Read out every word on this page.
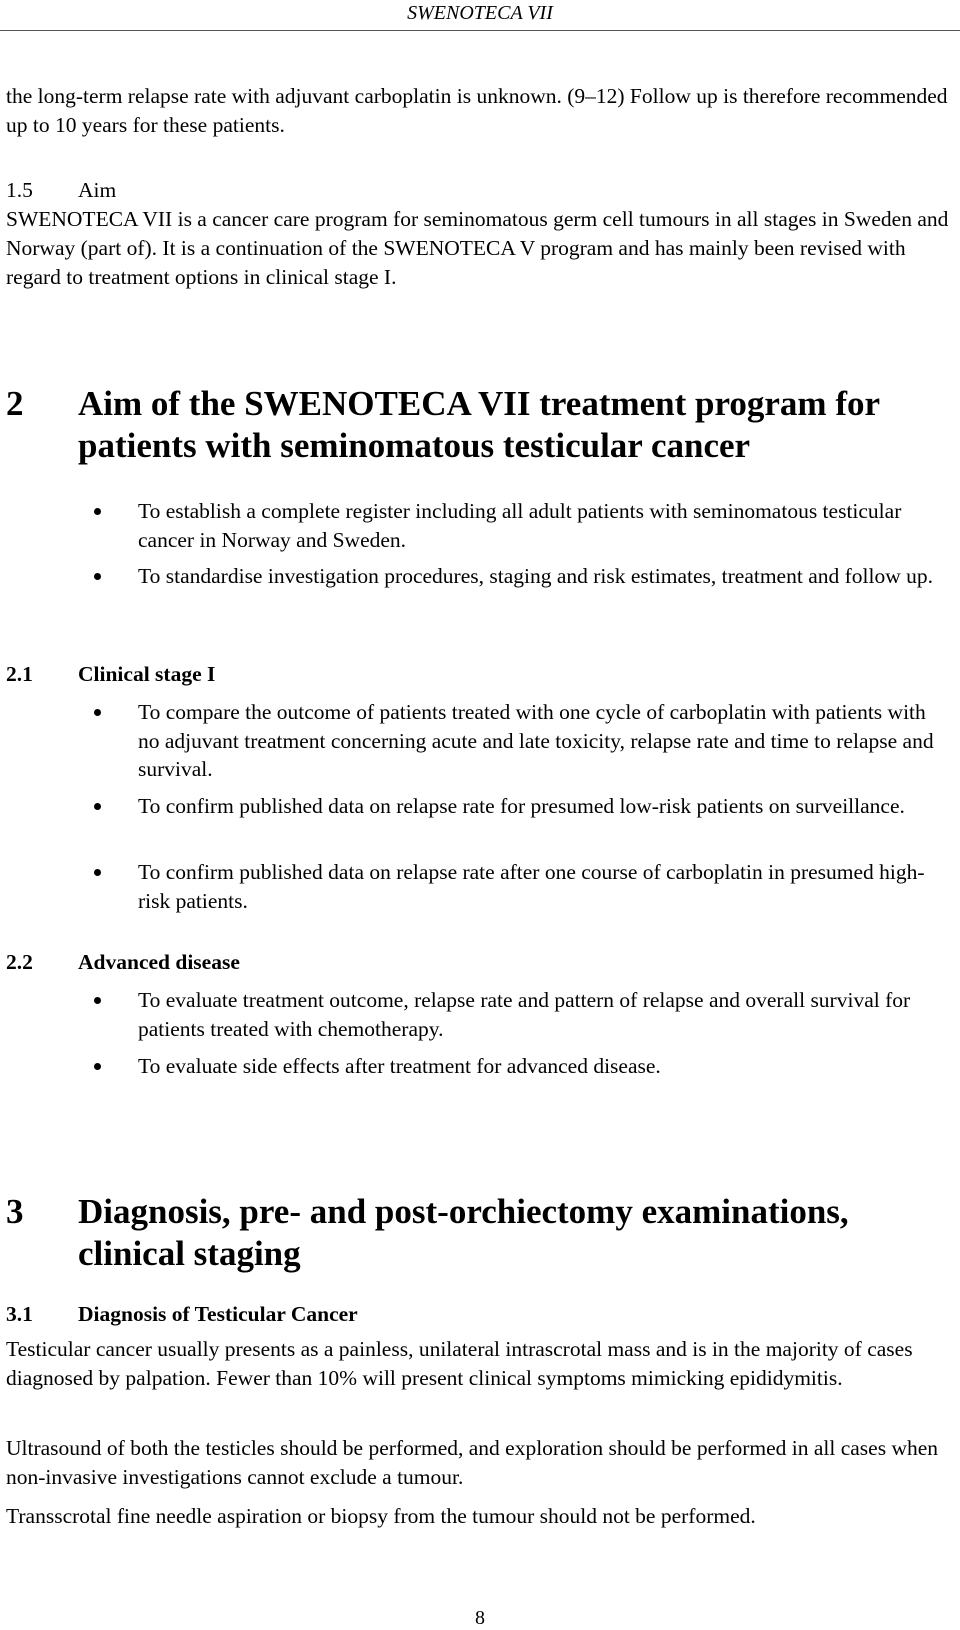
SWENOTECA VII

the long-term relapse rate with adjuvant carboplatin is unknown. (9–12) Follow up is therefore recommended up to 10 years for these patients.

1.5 Aim

SWENOTECA VII is a cancer care program for seminomatous germ cell tumours in all stages in Sweden and Norway (part of). It is a continuation of the SWENOTECA V program and has mainly been revised with regard to treatment options in clinical stage I.

2 Aim of the SWENOTECA VII treatment program for patients with seminomatous testicular cancer
To establish a complete register including all adult patients with seminomatous testicular cancer in Norway and Sweden.
To standardise investigation procedures, staging and risk estimates, treatment and follow up.
2.1 Clinical stage I
To compare the outcome of patients treated with one cycle of carboplatin with patients with no adjuvant treatment concerning acute and late toxicity, relapse rate and time to relapse and survival.
To confirm published data on relapse rate for presumed low-risk patients on surveillance.
To confirm published data on relapse rate after one course of carboplatin in presumed high-risk patients.
2.2 Advanced disease
To evaluate treatment outcome, relapse rate and pattern of relapse and overall survival for patients treated with chemotherapy.
To evaluate side effects after treatment for advanced disease.
3 Diagnosis, pre- and post-orchiectomy examinations, clinical staging
3.1 Diagnosis of Testicular Cancer

Testicular cancer usually presents as a painless, unilateral intrascrotal mass and is in the majority of cases diagnosed by palpation. Fewer than 10% will present clinical symptoms mimicking epididymitis.

Ultrasound of both the testicles should be performed, and exploration should be performed in all cases when non-invasive investigations cannot exclude a tumour.

Transscrotal fine needle aspiration or biopsy from the tumour should not be performed.

8
